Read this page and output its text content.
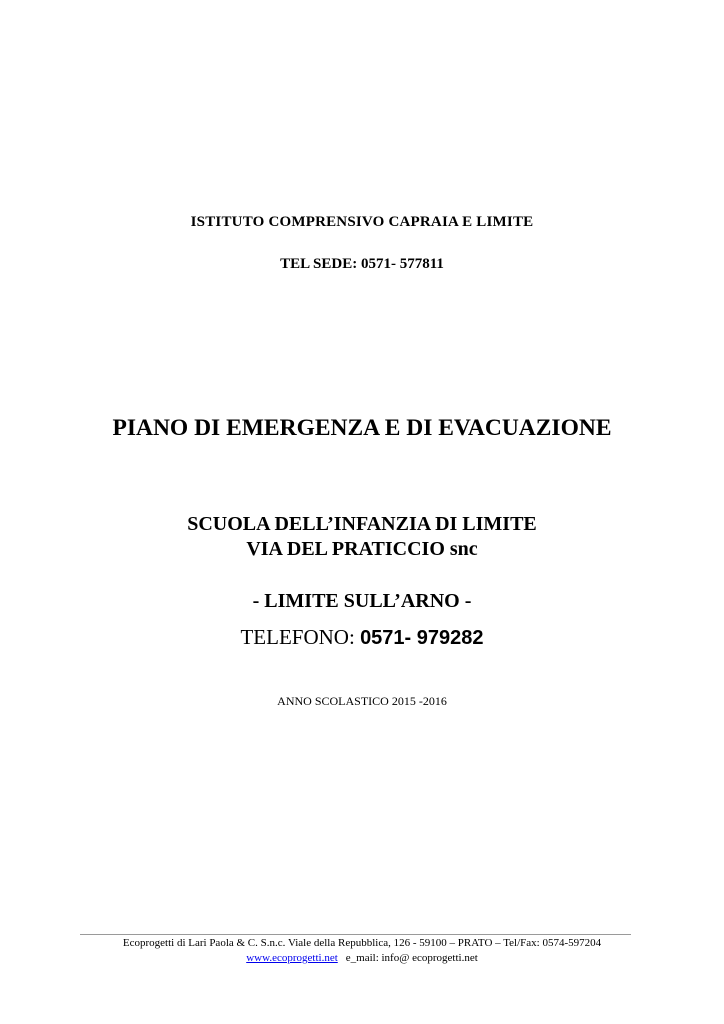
ISTITUTO COMPRENSIVO CAPRAIA E LIMITE

TEL SEDE: 0571- 577811

PIANO DI EMERGENZA E DI EVACUAZIONE

SCUOLA DELL’INFANZIA DI LIMITE

VIA DEL PRATICCIO snc

- LIMITE SULL’ARNO -

TELEFONO: 0571- 979282

ANNO SCOLASTICO 2015 -2016

Ecoprogetti di Lari Paola & C. S.n.c. Viale della Repubblica, 126 - 59100 – PRATO – Tel/Fax: 0574-597204

www.ecoprogetti.net e_mail: info@ ecoprogetti.net
